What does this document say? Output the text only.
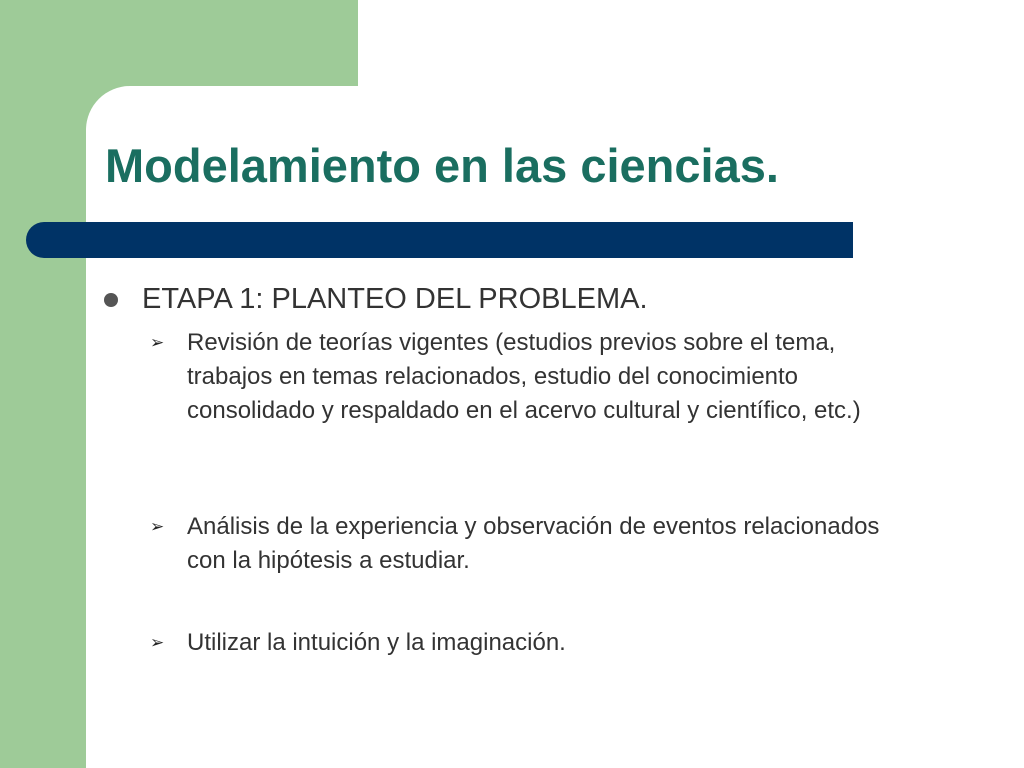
Modelamiento en las ciencias.
ETAPA 1: PLANTEO DEL PROBLEMA.
➢ Revisión de teorías vigentes (estudios previos sobre el tema, trabajos en temas relacionados, estudio del conocimiento consolidado y respaldado en el acervo cultural y científico, etc.)
➢ Análisis de la experiencia y observación de eventos relacionados con la hipótesis a estudiar.
➢ Utilizar la intuición y la imaginación.
